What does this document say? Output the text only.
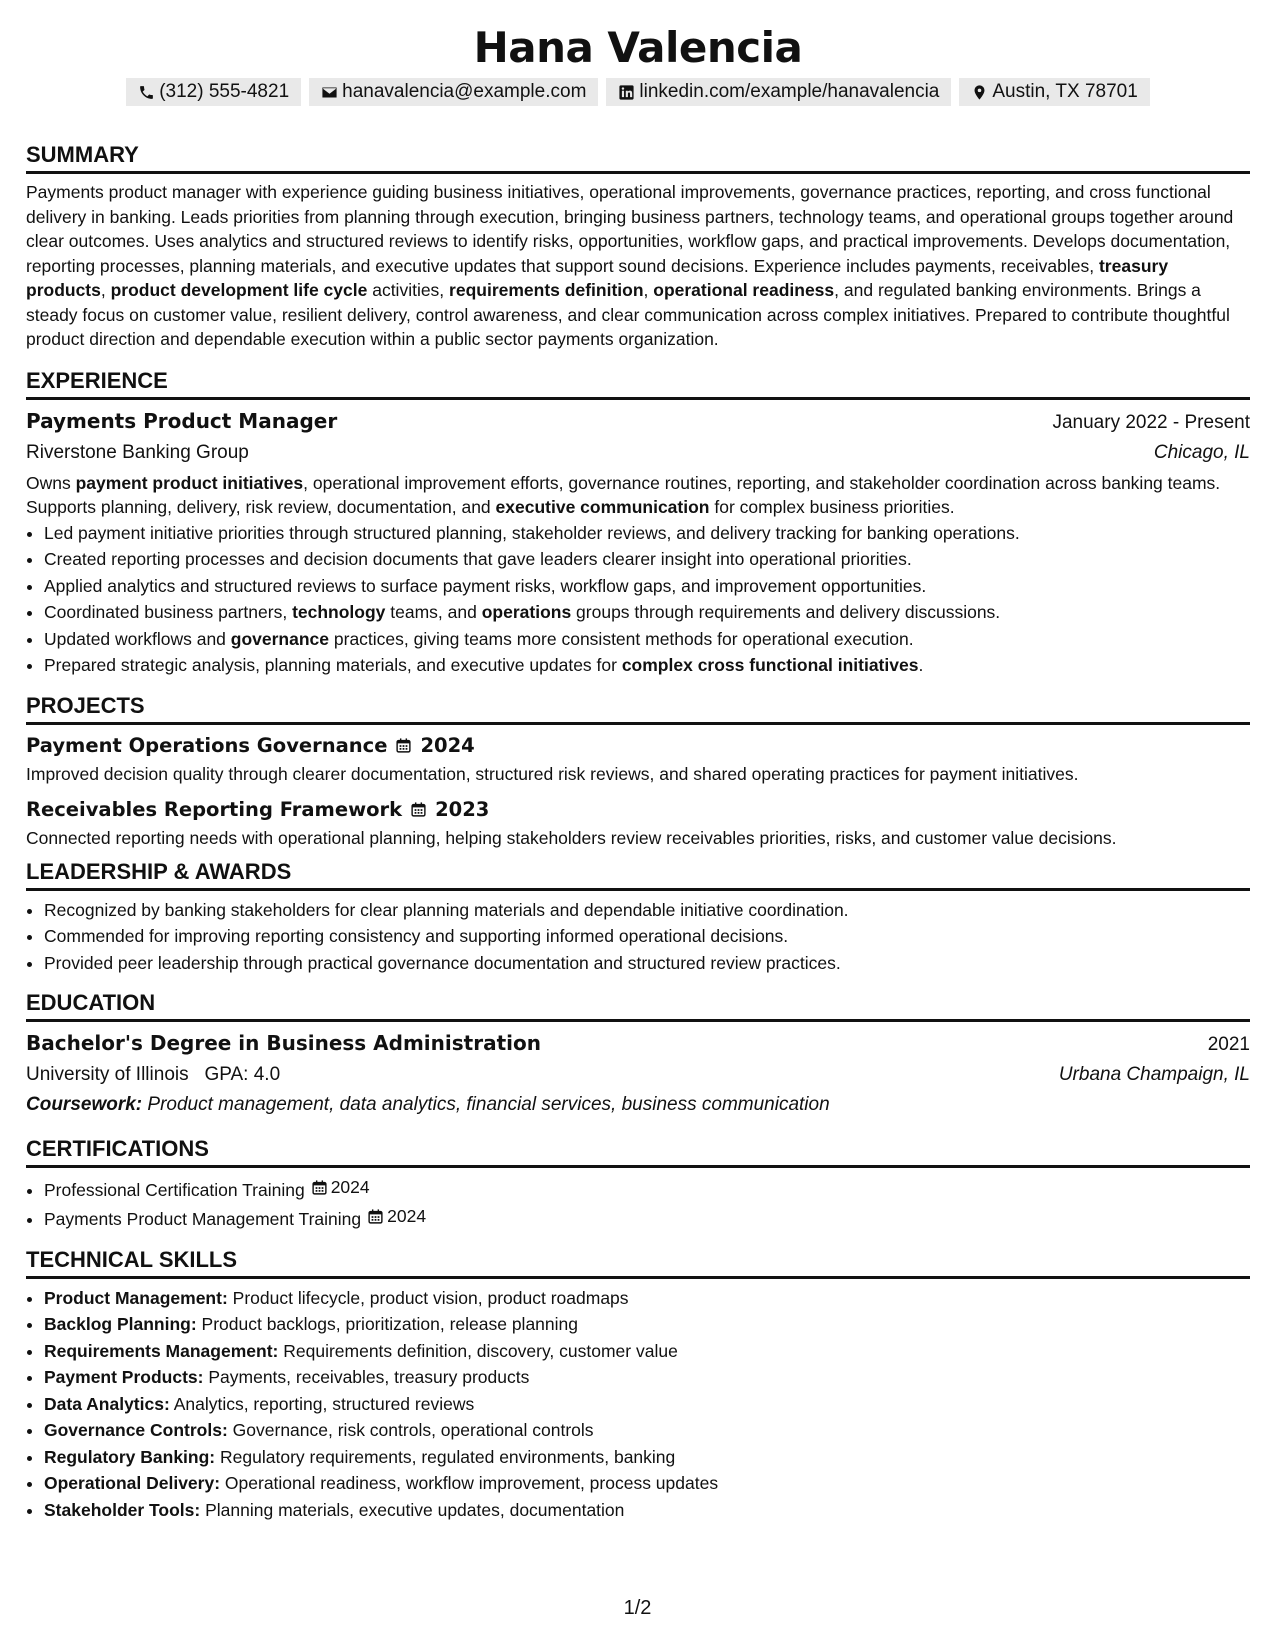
Hana Valencia
(312) 555-4821	hanavalencia@example.com	linkedin.com/example/hanavalencia	Austin, TX 78701
SUMMARY
Payments product manager with experience guiding business initiatives, operational improvements, governance practices, reporting, and cross functional delivery in banking. Leads priorities from planning through execution, bringing business partners, technology teams, and operational groups together around clear outcomes. Uses analytics and structured reviews to identify risks, opportunities, workflow gaps, and practical improvements. Develops documentation, reporting processes, planning materials, and executive updates that support sound decisions. Experience includes payments, receivables, treasury products, product development life cycle activities, requirements definition, operational readiness, and regulated banking environments. Brings a steady focus on customer value, resilient delivery, control awareness, and clear communication across complex initiatives. Prepared to contribute thoughtful product direction and dependable execution within a public sector payments organization.
EXPERIENCE
Payments Product Manager	January 2022 - Present
Riverstone Banking Group	Chicago, IL
Owns payment product initiatives, operational improvement efforts, governance routines, reporting, and stakeholder coordination across banking teams. Supports planning, delivery, risk review, documentation, and executive communication for complex business priorities.
• Led payment initiative priorities through structured planning, stakeholder reviews, and delivery tracking for banking operations.
• Created reporting processes and decision documents that gave leaders clearer insight into operational priorities.
• Applied analytics and structured reviews to surface payment risks, workflow gaps, and improvement opportunities.
• Coordinated business partners, technology teams, and operations groups through requirements and delivery discussions.
• Updated workflows and governance practices, giving teams more consistent methods for operational execution.
• Prepared strategic analysis, planning materials, and executive updates for complex cross functional initiatives.
PROJECTS
Payment Operations Governance 2024
Improved decision quality through clearer documentation, structured risk reviews, and shared operating practices for payment initiatives.
Receivables Reporting Framework 2023
Connected reporting needs with operational planning, helping stakeholders review receivables priorities, risks, and customer value decisions.
LEADERSHIP & AWARDS
• Recognized by banking stakeholders for clear planning materials and dependable initiative coordination.
• Commended for improving reporting consistency and supporting informed operational decisions.
• Provided peer leadership through practical governance documentation and structured review practices.
EDUCATION
Bachelor's Degree in Business Administration	2021
University of Illinois GPA: 4.0	Urbana Champaign, IL
Coursework: Product management, data analytics, financial services, business communication
CERTIFICATIONS
• Professional Certification Training 2024
• Payments Product Management Training 2024
TECHNICAL SKILLS
• Product Management: Product lifecycle, product vision, product roadmaps
• Backlog Planning: Product backlogs, prioritization, release planning
• Requirements Management: Requirements definition, discovery, customer value
• Payment Products: Payments, receivables, treasury products
• Data Analytics: Analytics, reporting, structured reviews
• Governance Controls: Governance, risk controls, operational controls
• Regulatory Banking: Regulatory requirements, regulated environments, banking
• Operational Delivery: Operational readiness, workflow improvement, process updates
• Stakeholder Tools: Planning materials, executive updates, documentation
1/2
